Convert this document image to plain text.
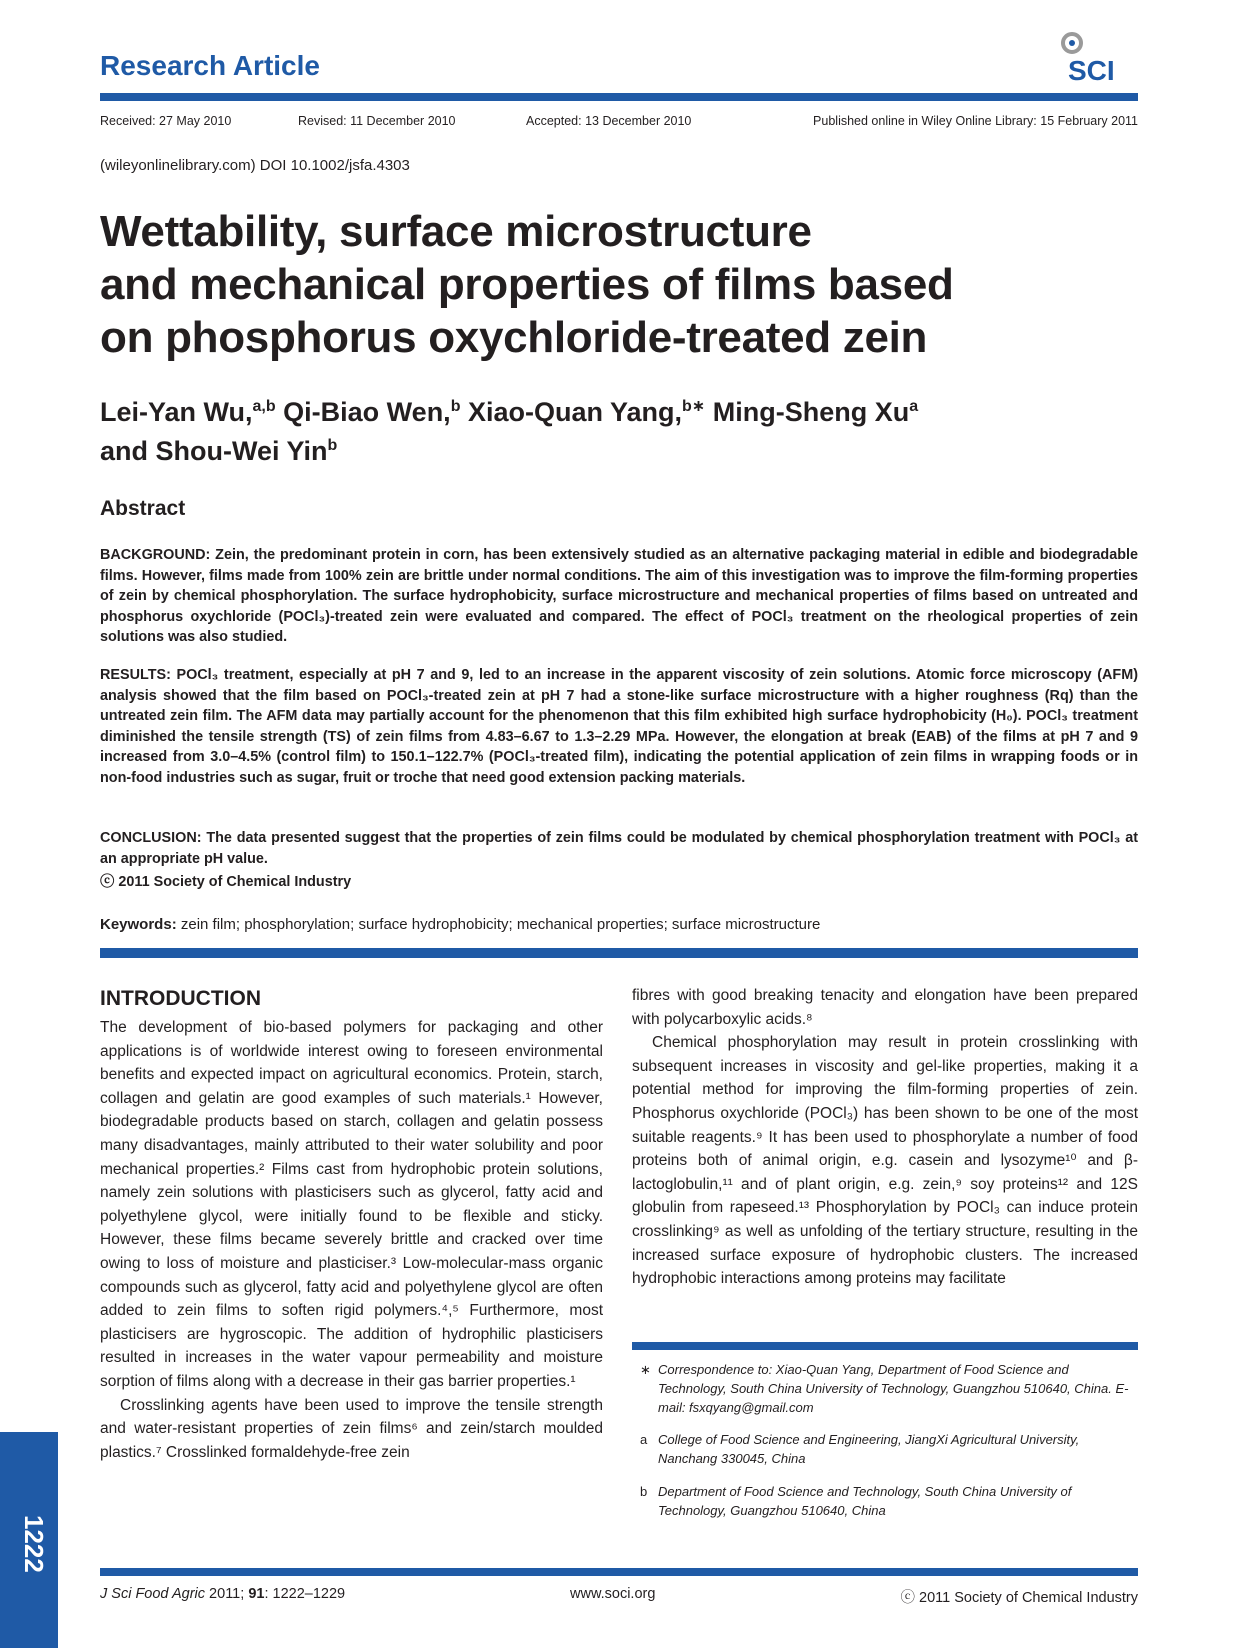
Research Article	SCI
Received: 27 May 2010	Revised: 11 December 2010	Accepted: 13 December 2010	Published online in Wiley Online Library: 15 February 2011
(wileyonlinelibrary.com) DOI 10.1002/jsfa.4303
Wettability, surface microstructure
and mechanical properties of films based
on phosphorus oxychloride-treated zein
Lei-Yan Wu,$^{a,b}$ Qi-Biao Wen,$^b$ Xiao-Quan Yang,$^{b∗}$ Ming-Sheng Xu$^a$
and Shou-Wei Yin$^b$
Abstract
BACKGROUND: Zein, the predominant protein in corn, has been extensively studied as an alternative packaging material in edible and biodegradable films. However, films made from 100% zein are brittle under normal conditions. The aim of this investigation was to improve the film-forming properties of zein by chemical phosphorylation. The surface hydrophobicity, surface microstructure and mechanical properties of films based on untreated and phosphorus oxychloride (POCl₃)-treated zein were evaluated and compared. The effect of POCl₃ treatment on the rheological properties of zein solutions was also studied.
RESULTS: POCl₃ treatment, especially at pH 7 and 9, led to an increase in the apparent viscosity of zein solutions. Atomic force microscopy (AFM) analysis showed that the film based on POCl₃-treated zein at pH 7 had a stone-like surface microstructure with a higher roughness (Rq) than the untreated zein film. The AFM data may partially account for the phenomenon that this film exhibited high surface hydrophobicity (H₀). POCl₃ treatment diminished the tensile strength (TS) of zein films from 4.83–6.67 to 1.3–2.29 MPa. However, the elongation at break (EAB) of the films at pH 7 and 9 increased from 3.0–4.5% (control film) to 150.1–122.7% (POCl₃-treated film), indicating the potential application of zein films in wrapping foods or in non-food industries such as sugar, fruit or troche that need good extension packing materials.
CONCLUSION: The data presented suggest that the properties of zein films could be modulated by chemical phosphorylation treatment with POCl₃ at an appropriate pH value.
ⓒ 2011 Society of Chemical Industry
Keywords: zein film; phosphorylation; surface hydrophobicity; mechanical properties; surface microstructure
INTRODUCTION

The development of bio-based polymers for packaging and other applications is of worldwide interest owing to foreseen environmental benefits and expected impact on agricultural economics. Protein, starch, collagen and gelatin are good examples of such materials.¹ However, biodegradable products based on starch, collagen and gelatin possess many disadvantages, mainly attributed to their water solubility and poor mechanical properties.² Films cast from hydrophobic protein solutions, namely zein solutions with plasticisers such as glycerol, fatty acid and polyethylene glycol, were initially found to be flexible and sticky. However, these films became severely brittle and cracked over time owing to loss of moisture and plasticiser.³ Low-molecular-mass organic compounds such as glycerol, fatty acid and polyethylene glycol are often added to zein films to soften rigid polymers.⁴,⁵ Furthermore, most plasticisers are hygroscopic. The addition of hydrophilic plasticisers resulted in increases in the water vapour permeability and moisture sorption of films along with a decrease in their gas barrier properties.¹

Crosslinking agents have been used to improve the tensile strength and water-resistant properties of zein films⁶ and zein/starch moulded plastics.⁷ Crosslinked formaldehyde-free zein

fibres with good breaking tenacity and elongation have been prepared with polycarboxylic acids.⁸

Chemical phosphorylation may result in protein crosslinking with subsequent increases in viscosity and gel-like properties, making it a potential method for improving the film-forming properties of zein. Phosphorus oxychloride (POCl₃) has been shown to be one of the most suitable reagents.⁹ It has been used to phosphorylate a number of food proteins both of animal origin, e.g. casein and lysozyme¹⁰ and β-lactoglobulin,¹¹ and of plant origin, e.g. zein,⁹ soy proteins¹² and 12S globulin from rapeseed.¹³ Phosphorylation by POCl₃ can induce protein crosslinking⁹ as well as unfolding of the tertiary structure, resulting in the increased surface exposure of hydrophobic clusters. The increased hydrophobic interactions among proteins may facilitate

∗ Correspondence to: Xiao-Quan Yang, Department of Food Science and Technology, South China University of Technology, Guangzhou 510640, China. E-mail: fsxqyang@gmail.com
a College of Food Science and Engineering, JiangXi Agricultural University, Nanchang 330045, China
b Department of Food Science and Technology, South China University of Technology, Guangzhou 510640, China
1222
J Sci Food Agric 2011; 91: 1222–1229	www.soci.org	ⓒ 2011 Society of Chemical Industry
